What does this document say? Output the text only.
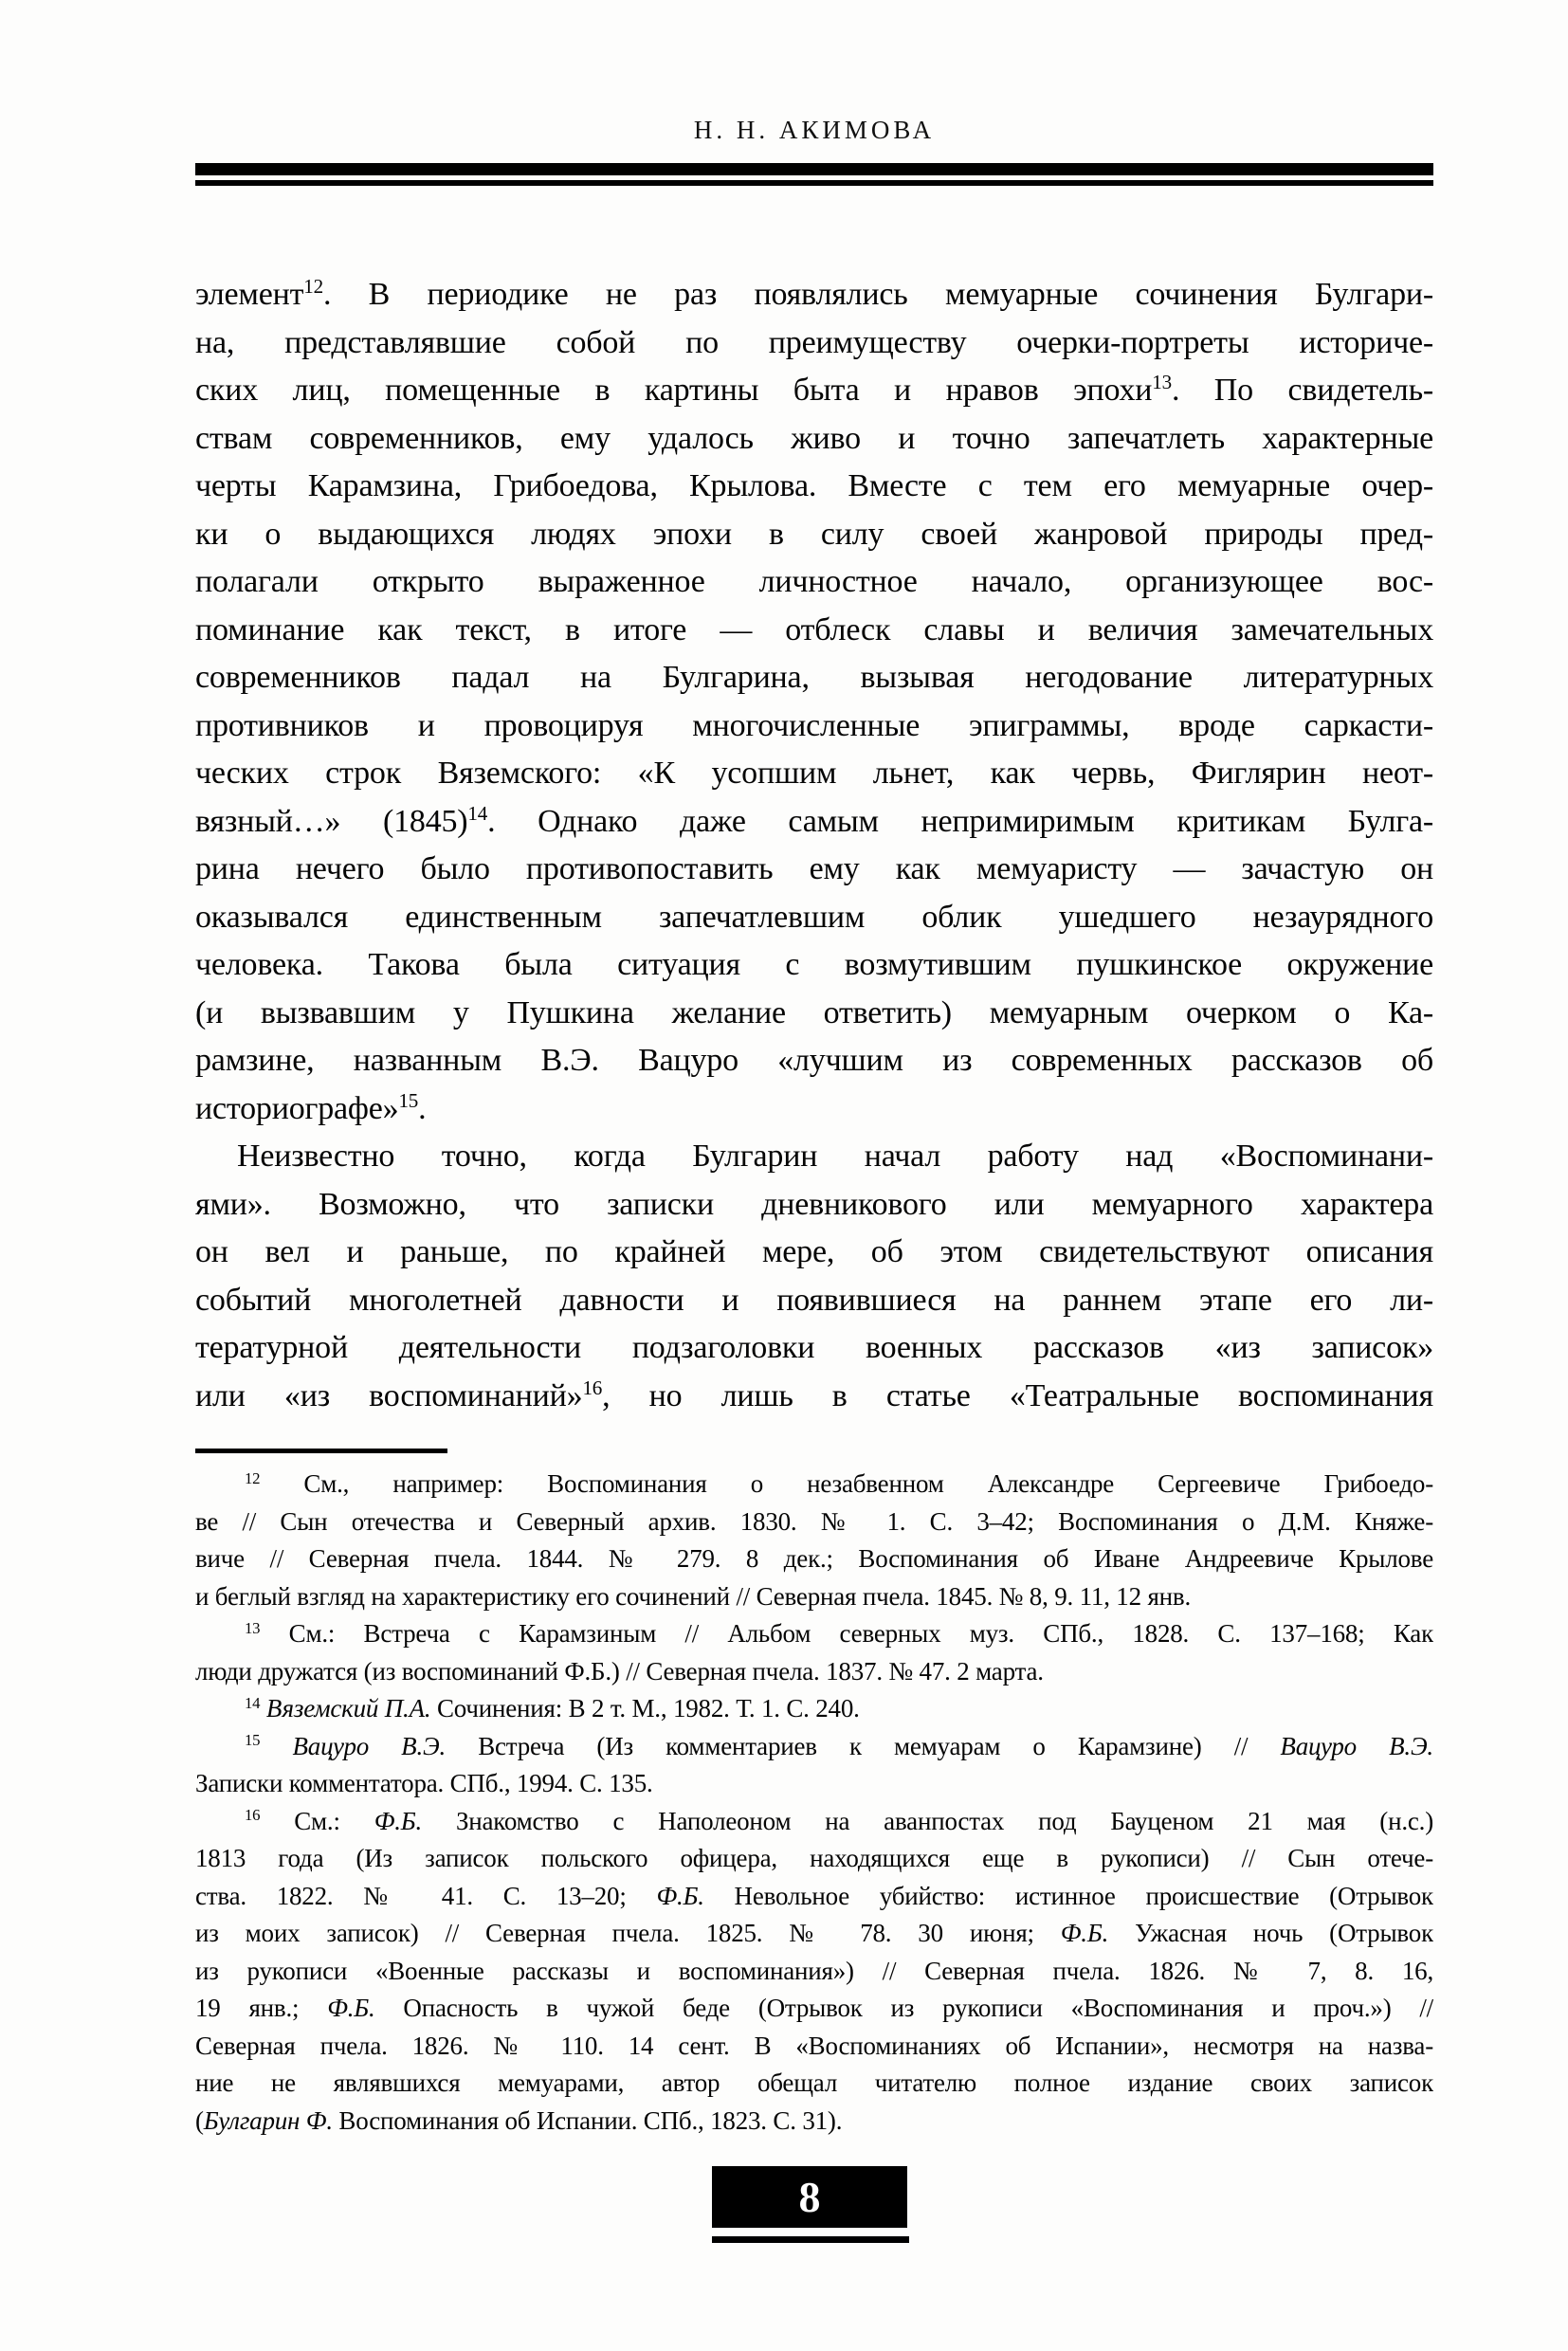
Н. Н. АКИМОВА
элемент$^{12}$. В периодике не раз появлялись мемуарные сочинения Булгари-
на, представлявшие собой по преимуществу очерки-портреты историче-
ских лиц, помещенные в картины быта и нравов эпохи$^{13}$. По свидетель-
ствам современников, ему удалось живо и точно запечатлеть характерные
черты Карамзина, Грибоедова, Крылова. Вместе с тем его мемуарные очер-
ки о выдающихся людях эпохи в силу своей жанровой природы пред-
полагали открыто выраженное личностное начало, организующее вос-
поминание как текст, в итоге — отблеск славы и величия замечательных
современников падал на Булгарина, вызывая негодование литературных
противников и провоцируя многочисленные эпиграммы, вроде саркасти-
ческих строк Вяземского: «К усопшим льнет, как червь, Фиглярин неот-
вязный…» $(1845)^{14}$. Однако даже самым непримиримым критикам Булга-
рина нечего было противопоставить ему как мемуаристу — зачастую он
оказывался единственным запечатлевшим облик ушедшего незаурядного
человека. Такова была ситуация с возмутившим пушкинское окружение
(и вызвавшим у Пушкина желание ответить) мемуарным очерком о Ка-
рамзине, названным В.Э. Вацуро «лучшим из современных рассказов об
историографе»$^{15}$.
Неизвестно точно, когда Булгарин начал работу над «Воспоминани-
ями». Возможно, что записки дневникового или мемуарного характера
он вел и раньше, по крайней мере, об этом свидетельствуют описания
событий многолетней давности и появившиеся на раннем этапе его ли-
тературной деятельности подзаголовки военных рассказов «из записок»
или «из воспоминаний»$^{16}$, но лишь в статье «Театральные воспоминания
$^{12}$ См., например: Воспоминания о незабвенном Александре Сергеевиче Грибоедо-
ве // Сын отечества и Северный архив. 1830. № 1. С. 3–42; Воспоминания о Д.М. Княже-
виче // Северная пчела. 1844. № 279. 8 дек.; Воспоминания об Иване Андреевиче Крылове
и беглый взгляд на характеристику его сочинений // Северная пчела. 1845. № 8, 9. 11, 12 янв.
$^{13}$ См.: Встреча с Карамзиным // Альбом северных муз. СПб., 1828. С. 137–168; Как
люди дружатся (из воспоминаний Ф.Б.) // Северная пчела. 1837. № 47. 2 марта.
$^{14}$ Вяземский П.А. Сочинения: В 2 т. М., 1982. Т. 1. С. 240.
$^{15}$ Вацуро В.Э. Встреча (Из комментариев к мемуарам о Карамзине) // Вацуро В.Э.
Записки комментатора. СПб., 1994. С. 135.
$^{16}$ См.: Ф.Б. Знакомство с Наполеоном на аванпостах под Бауценом 21 мая (н.с.)
1813 года (Из записок польского офицера, находящихся еще в рукописи) // Сын отече-
ства. 1822. № 41. С. 13–20; Ф.Б. Невольное убийство: истинное происшествие (Отрывок
из моих записок) // Северная пчела. 1825. № 78. 30 июня; Ф.Б. Ужасная ночь (Отрывок
из рукописи «Военные рассказы и воспоминания») // Северная пчела. 1826. № 7, 8. 16,
19 янв.; Ф.Б. Опасность в чужой беде (Отрывок из рукописи «Воспоминания и проч.») //
Северная пчела. 1826. № 110. 14 сент. В «Воспоминаниях об Испании», несмотря на назва-
ние не являвшихся мемуарами, автор обещал читателю полное издание своих записок
(Булгарин Ф. Воспоминания об Испании. СПб., 1823. С. 31).
8
